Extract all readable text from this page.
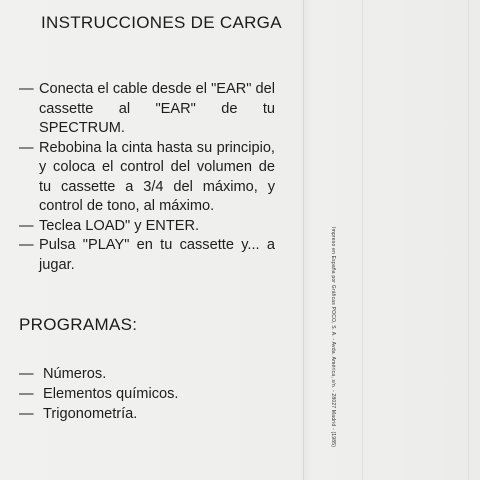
INSTRUCCIONES DE CARGA
— Conecta el cable desde el "EAR" del cassette al "EAR" de tu SPECTRUM.
— Rebobina la cinta hasta su principio, y coloca el control del volumen de tu cassette a 3/4 del máximo, y control de tono, al máximo.
— Teclea LOAD" y ENTER.
— Pulsa "PLAY" en tu cassette y... a jugar.
PROGRAMAS:
— Números.
— Elementos químicos.
— Trigonometría.	Impreso en España por Gráficas POCO, S. A. - Avda. América, s/n. - 28027 Madrid - (1985)
